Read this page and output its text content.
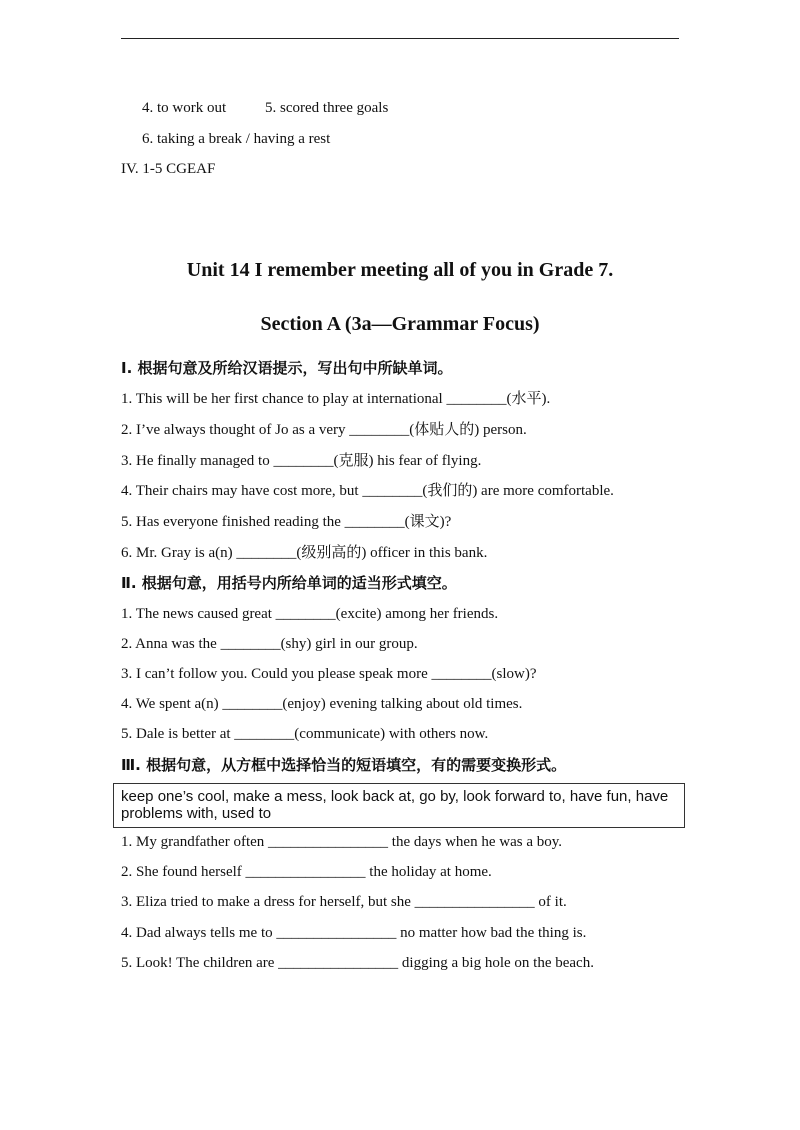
4. to work out	5. scored three goals
6. taking a break / having a rest
IV. 1-5 CGEAF
Unit 14 I remember meeting all of you in Grade 7.
Section A (3a—Grammar Focus)
Ⅰ. 根据句意及所给汉语提示，写出句中所缺单词。
1. This will be her first chance to play at international ________(水平).
2. I’ve always thought of Jo as a very ________(体贴人的) person.
3. He finally managed to ________(克服) his fear of flying.
4. Their chairs may have cost more, but ________(我们的) are more comfortable.
5. Has everyone finished reading the ________(课文)?
6. Mr. Gray is a(n) ________(级别高的) officer in this bank.
Ⅱ. 根据句意，用括号内所给单词的适当形式填空。
1. The news caused great ________(excite) among her friends.
2. Anna was the ________(shy) girl in our group.
3. I can’t follow you. Could you please speak more ________(slow)?
4. We spent a(n) ________(enjoy) evening talking about old times.
5. Dale is better at ________(communicate) with others now.
Ⅲ. 根据句意，从方框中选择恰当的短语填空，有的需要变换形式。
keep one’s cool, make a mess, look back at, go by, look forward to, have fun, have problems with, used to
1. My grandfather often ________________ the days when he was a boy.
2. She found herself ________________ the holiday at home.
3. Eliza tried to make a dress for herself, but she ________________ of it.
4. Dad always tells me to ________________ no matter how bad the thing is.
5. Look! The children are ________________ digging a big hole on the beach.
